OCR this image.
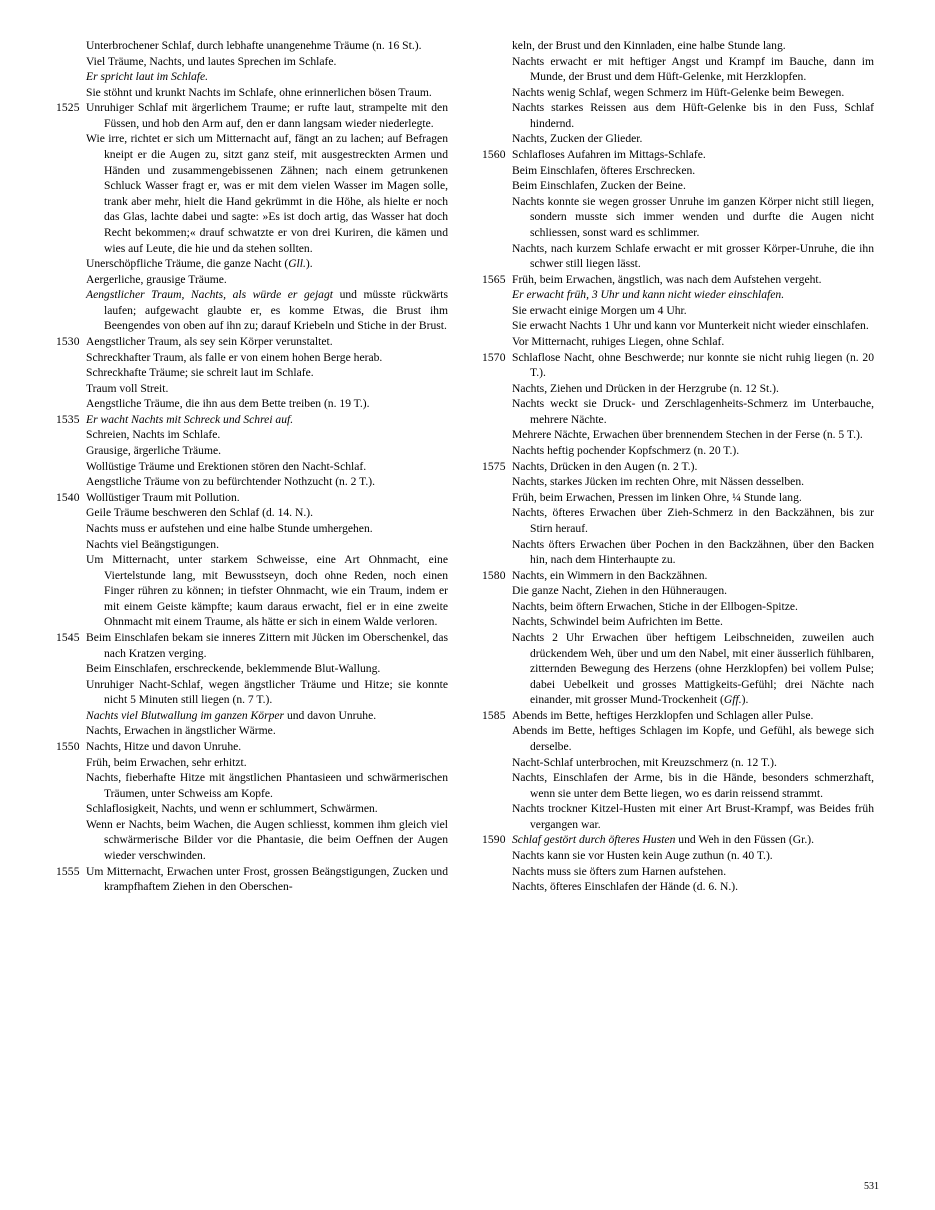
Unterbrochener Schlaf, durch lebhafte unangenehme Träume (n. 16 St.).
Viel Träume, Nachts, und lautes Sprechen im Schlafe.
Er spricht laut im Schlafe.
Sie stöhnt und krunkt Nachts im Schlafe, ohne erinnerlichen bösen Traum.
1525 Unruhiger Schlaf mit ärgerlichem Traume; er rufte laut, strampelte mit den Füssen, und hob den Arm auf, den er dann langsam wieder niederlegte.
Wie irre, richtet er sich um Mitternacht auf, fängt an zu lachen; auf Befragen kneipt er die Augen zu, sitzt ganz steif, mit ausgestreckten Armen und Händen und zusammengebissenen Zähnen; nach einem getrunkenen Schluck Wasser fragt er, was er mit dem vielen Wasser im Magen solle, trank aber mehr, hielt die Hand gekrümmt in die Höhe, als hielte er noch das Glas, lachte dabei und sagte: »Es ist doch artig, das Wasser hat doch Recht bekommen;« drauf schwatzte er von drei Kuriren, die kämen und wies auf Leute, die hie und da stehen sollten.
Unerschöpfliche Träume, die ganze Nacht (Gll.).
Aergerliche, grausige Träume.
Aengstlicher Traum, Nachts, als würde er gejagt und müsste rückwärts laufen; aufgewacht glaubte er, es komme Etwas, die Brust ihm Beengendes von oben auf ihn zu; darauf Kriebeln und Stiche in der Brust.
1530 Aengstlicher Traum, als sey sein Körper verunstaltet.
Schreckhafter Traum, als falle er von einem hohen Berge herab.
Schreckhafte Träume; sie schreit laut im Schlafe.
Traum voll Streit.
Aengstliche Träume, die ihn aus dem Bette treiben (n. 19 T.).
1535 Er wacht Nachts mit Schreck und Schrei auf.
Schreien, Nachts im Schlafe.
Grausige, ärgerliche Träume.
Wollüstige Träume und Erektionen stören den Nacht-Schlaf.
Aengstliche Träume von zu befürchtender Nothzucht (n. 2 T.).
1540 Wollüstiger Traum mit Pollution.
Geile Träume beschweren den Schlaf (d. 14. N.).
Nachts muss er aufstehen und eine halbe Stunde umhergehen.
Nachts viel Beängstigungen.
Um Mitternacht, unter starkem Schweisse, eine Art Ohnmacht, eine Viertelstunde lang, mit Bewusstseyn, doch ohne Reden, noch einen Finger rühren zu können; in tiefster Ohnmacht, wie ein Traum, indem er mit einem Geiste kämpfte; kaum daraus erwacht, fiel er in eine zweite Ohnmacht mit einem Traume, als hätte er sich in einem Walde verloren.
1545 Beim Einschlafen bekam sie inneres Zittern mit Jücken im Oberschenkel, das nach Kratzen verging.
Beim Einschlafen, erschreckende, beklemmende Blut-Wallung.
Unruhiger Nacht-Schlaf, wegen ängstlicher Träume und Hitze; sie konnte nicht 5 Minuten still liegen (n. 7 T.).
Nachts viel Blutwallung im ganzen Körper und davon Unruhe.
Nachts, Erwachen in ängstlicher Wärme.
1550 Nachts, Hitze und davon Unruhe.
Früh, beim Erwachen, sehr erhitzt.
Nachts, fieberhafte Hitze mit ängstlichen Phantasieen und schwärmerischen Träumen, unter Schweiss am Kopfe.
Schlaflosigkeit, Nachts, und wenn er schlummert, Schwärmen.
Wenn er Nachts, beim Wachen, die Augen schliesst, kommen ihm gleich viel schwärmerische Bilder vor die Phantasie, die beim Oeffnen der Augen wieder verschwinden.
1555 Um Mitternacht, Erwachen unter Frost, grossen Beängstigungen, Zucken und krampfhaftem Ziehen in den Oberschen-
keln, der Brust und den Kinnladen, eine halbe Stunde lang.
Nachts erwacht er mit heftiger Angst und Krampf im Bauche, dann im Munde, der Brust und dem Hüft-Gelenke, mit Herzklopfen.
Nachts wenig Schlaf, wegen Schmerz im Hüft-Gelenke beim Bewegen.
Nachts starkes Reissen aus dem Hüft-Gelenke bis in den Fuss, Schlaf hindernd.
Nachts, Zucken der Glieder.
1560 Schlafloses Aufahren im Mittags-Schlafe.
Beim Einschlafen, öfteres Erschrecken.
Beim Einschlafen, Zucken der Beine.
Nachts konnte sie wegen grosser Unruhe im ganzen Körper nicht still liegen, sondern musste sich immer wenden und durfte die Augen nicht schliessen, sonst ward es schlimmer.
Nachts, nach kurzem Schlafe erwacht er mit grosser Körper-Unruhe, die ihn schwer still liegen lässt.
1565 Früh, beim Erwachen, ängstlich, was nach dem Aufstehen vergeht.
Er erwacht früh, 3 Uhr und kann nicht wieder einschlafen.
Sie erwacht einige Morgen um 4 Uhr.
Sie erwacht Nachts 1 Uhr und kann vor Munterkeit nicht wieder einschlafen.
Vor Mitternacht, ruhiges Liegen, ohne Schlaf.
1570 Schlaflose Nacht, ohne Beschwerde; nur konnte sie nicht ruhig liegen (n. 20 T.).
Nachts, Ziehen und Drücken in der Herzgrube (n. 12 St.).
Nachts weckt sie Druck- und Zerschlagenheits-Schmerz im Unterbauche, mehrere Nächte.
Mehrere Nächte, Erwachen über brennendem Stechen in der Ferse (n. 5 T.).
Nachts heftig pochender Kopfschmerz (n. 20 T.).
1575 Nachts, Drücken in den Augen (n. 2 T.).
Nachts, starkes Jücken im rechten Ohre, mit Nässen desselben.
Früh, beim Erwachen, Pressen im linken Ohre, ¼ Stunde lang.
Nachts, öfteres Erwachen über Zieh-Schmerz in den Backzähnen, bis zur Stirn herauf.
Nachts öfters Erwachen über Pochen in den Backzähnen, über den Backen hin, nach dem Hinterhaupte zu.
1580 Nachts, ein Wimmern in den Backzähnen.
Die ganze Nacht, Ziehen in den Hühneraugen.
Nachts, beim öftern Erwachen, Stiche in der Ellbogen-Spitze.
Nachts, Schwindel beim Aufrichten im Bette.
Nachts 2 Uhr Erwachen über heftigem Leibschneiden, zuweilen auch drückendem Weh, über und um den Nabel, mit einer äusserlich fühlbaren, zitternden Bewegung des Herzens (ohne Herzklopfen) bei vollem Pulse; dabei Uebelkeit und grosses Mattigkeits-Gefühl; drei Nächte nach einander, mit grosser Mund-Trockenheit (Gff.).
1585 Abends im Bette, heftiges Herzklopfen und Schlagen aller Pulse.
Abends im Bette, heftiges Schlagen im Kopfe, und Gefühl, als bewege sich derselbe.
Nacht-Schlaf unterbrochen, mit Kreuzschmerz (n. 12 T.).
Nachts, Einschlafen der Arme, bis in die Hände, besonders schmerzhaft, wenn sie unter dem Bette liegen, wo es darin reissend strammt.
Nachts trockner Kitzel-Husten mit einer Art Brust-Krampf, was Beides früh vergangen war.
1590 Schlaf gestört durch öfteres Husten und Weh in den Füssen (Gr.).
Nachts kann sie vor Husten kein Auge zuthun (n. 40 T.).
Nachts muss sie öfters zum Harnen aufstehen.
Nachts, öfteres Einschlafen der Hände (d. 6. N.).
531
